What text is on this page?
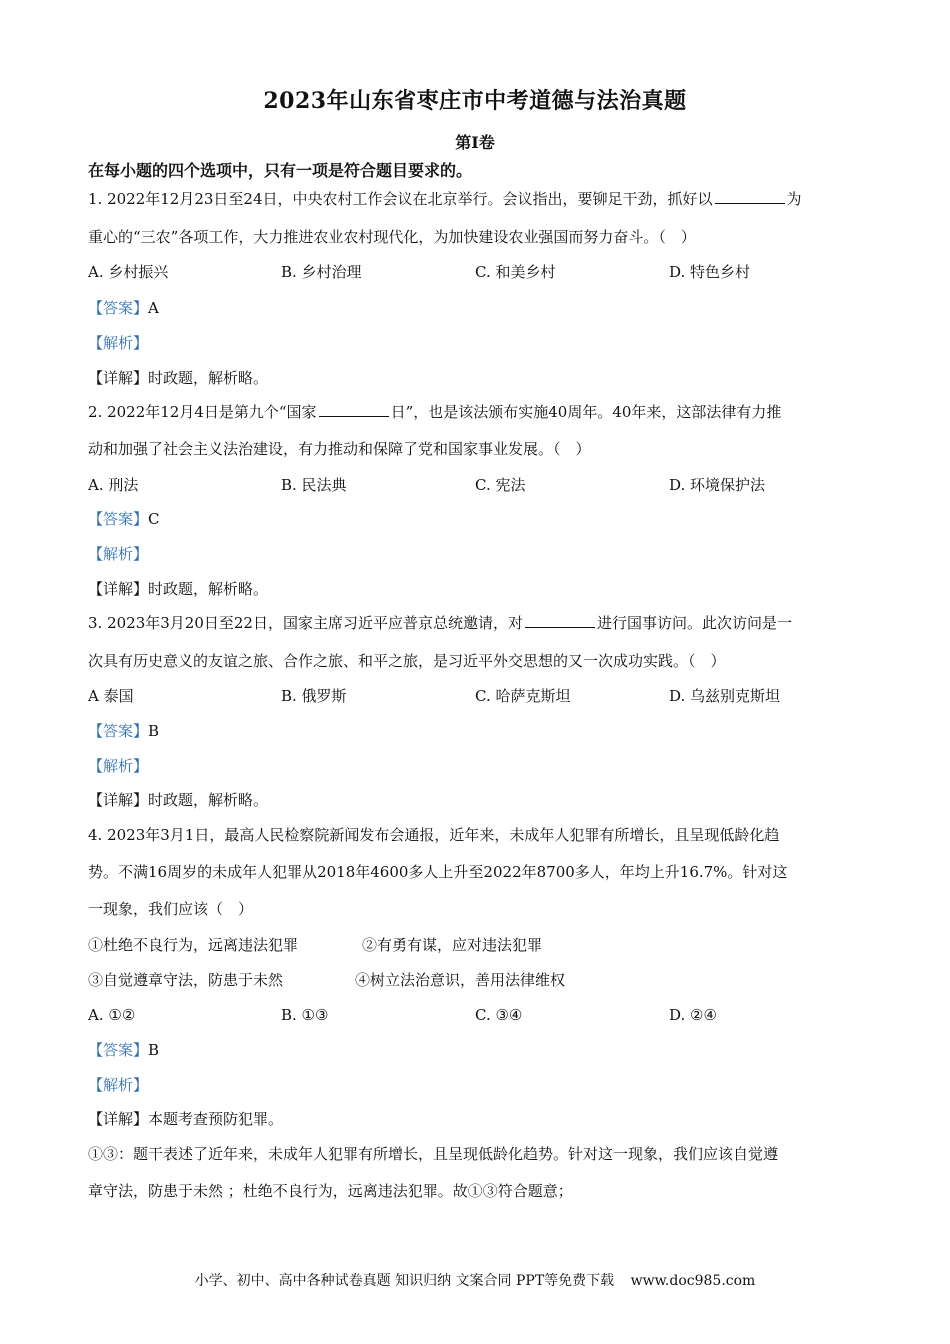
2023年山东省枣庄市中考道德与法治真题
第Ⅰ卷
在每小题的四个选项中，只有一项是符合题目要求的。
1. 2022年12月23日至24日，中央农村工作会议在北京举行。会议指出，要铆足干劲，抓好以	为
重心的“三农”各项工作，大力推进农业农村现代化，为加快建设农业强国而努力奋斗。（　）
A. 乡村振兴	B. 乡村治理	C. 和美乡村	D. 特色乡村
【答案】A
【解析】
【详解】时政题，解析略。
2. 2022年12月4日是第九个“国家	日”，也是该法颁布实施40周年。40年来，这部法律有力推
动和加强了社会主义法治建设，有力推动和保障了党和国家事业发展。（　）
A. 刑法	B. 民法典	C. 宪法	D. 环境保护法
【答案】C
【解析】
【详解】时政题，解析略。
3. 2023年3月20日至22日，国家主席习近平应普京总统邀请，对	进行国事访问。此次访问是一
次具有历史意义的友谊之旅、合作之旅、和平之旅，是习近平外交思想的又一次成功实践。（　）
A 泰国	B. 俄罗斯	C. 哈萨克斯坦	D. 乌兹别克斯坦
【答案】B
【解析】
【详解】时政题，解析略。
4. 2023年3月1日，最高人民检察院新闻发布会通报，近年来，未成年人犯罪有所增长，且呈现低龄化趋
势。不满16周岁的未成年人犯罪从2018年4600多人上升至2022年8700多人，年均上升16.7%。针对这
一现象，我们应该（　）
①杜绝不良行为，远离违法犯罪	②有勇有谋，应对违法犯罪
③自觉遵章守法，防患于未然	④树立法治意识，善用法律维权
A. ①②	B. ①③	C. ③④	D. ②④
【答案】B
【解析】
【详解】本题考查预防犯罪。
①③：题干表述了近年来，未成年人犯罪有所增长，且呈现低龄化趋势。针对这一现象，我们应该自觉遵
章守法，防患于未然 ；杜绝不良行为，远离违法犯罪。故①③符合题意；
小学、初中、高中各种试卷真题 知识归纳 文案合同 PPT等免费下载 www.doc985.com
